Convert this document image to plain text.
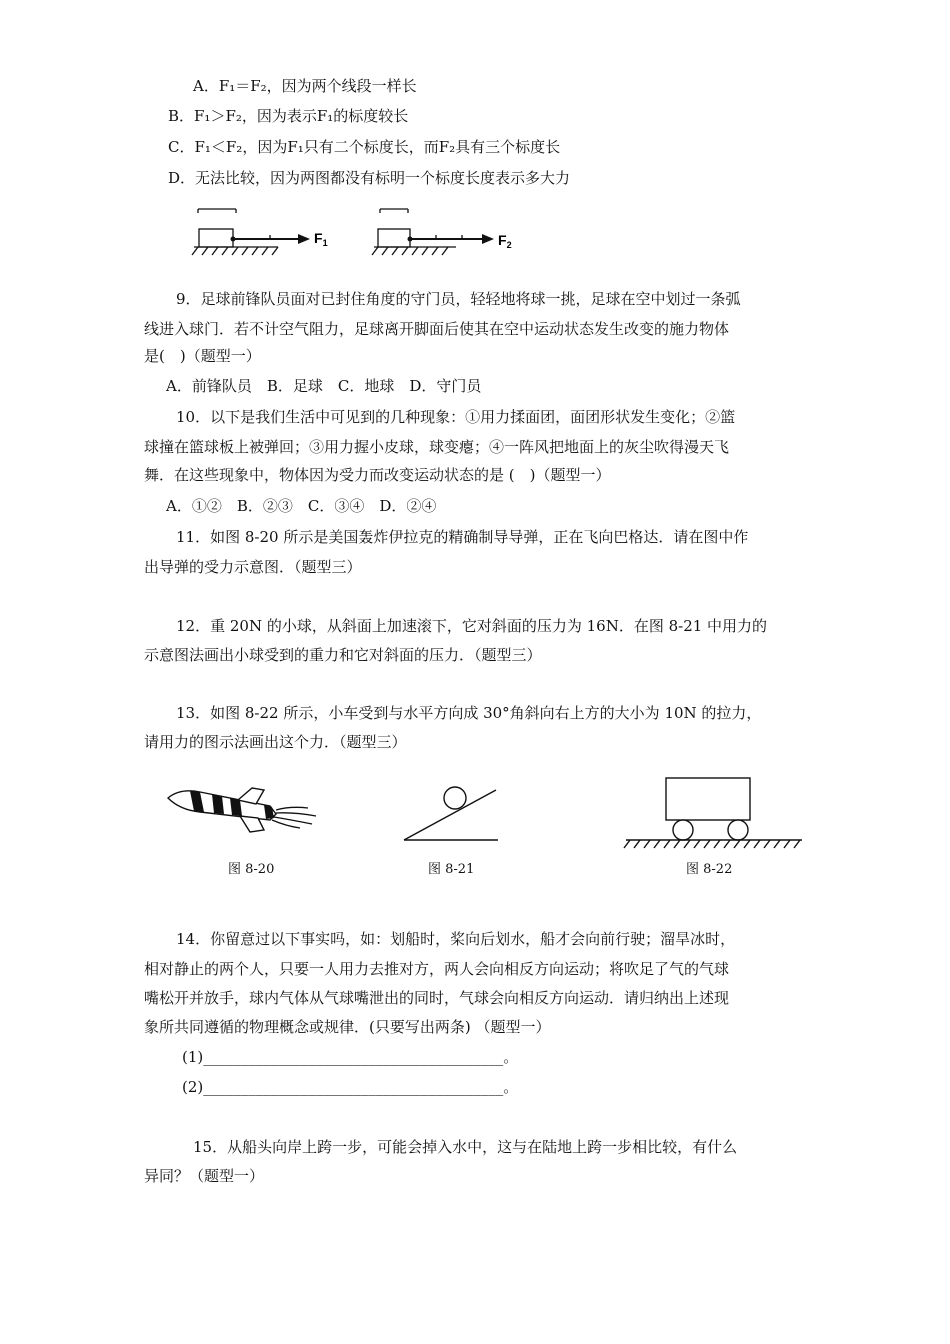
A．F₁＝F₂，因为两个线段一样长
B．F₁＞F₂，因为表示F₁的标度较长
C．F₁＜F₂，因为F₁只有二个标度长，而F₂具有三个标度长
D．无法比较，因为两图都没有标明一个标度长度表示多大力
$F_1$	$F_2$
9．足球前锋队员面对已封住角度的守门员，轻轻地将球一挑，足球在空中划过一条弧
线进入球门．若不计空气阻力，足球离开脚面后使其在空中运动状态发生改变的施力物体
是(　)（题型一）
A．前锋队员　B．足球　C．地球　D．守门员
10．以下是我们生活中可见到的几种现象：①用力揉面团，面团形状发生变化；②篮
球撞在篮球板上被弹回；③用力握小皮球，球变瘪；④一阵风把地面上的灰尘吹得漫天飞
舞．在这些现象中，物体因为受力而改变运动状态的是 (　)（题型一）
A．①②　B．②③　C．③④　D．②④
11．如图 8-20 所示是美国轰炸伊拉克的精确制导导弹，正在飞向巴格达．请在图中作
出导弹的受力示意图．（题型三）
12．重 20N 的小球，从斜面上加速滚下，它对斜面的压力为 16N．在图 8-21 中用力的
示意图法画出小球受到的重力和它对斜面的压力．（题型三）
13．如图 8-22 所示，小车受到与水平方向成 30°角斜向右上方的大小为 10N 的拉力，
请用力的图示法画出这个力．（题型三）
图 8-20	图 8-21	图 8-22
14．你留意过以下事实吗，如：划船时，桨向后划水，船才会向前行驶；溜旱冰时，
相对静止的两个人，只要一人用力去推对方，两人会向相反方向运动；将吹足了气的气球
嘴松开并放手，球内气体从气球嘴泄出的同时，气球会向相反方向运动．请归纳出上述现
象所共同遵循的物理概念或规律．(只要写出两条) （题型一）
(1)________________________________________。
(2)________________________________________。
15．从船头向岸上跨一步，可能会掉入水中，这与在陆地上跨一步相比较，有什么
异同？（题型一）
